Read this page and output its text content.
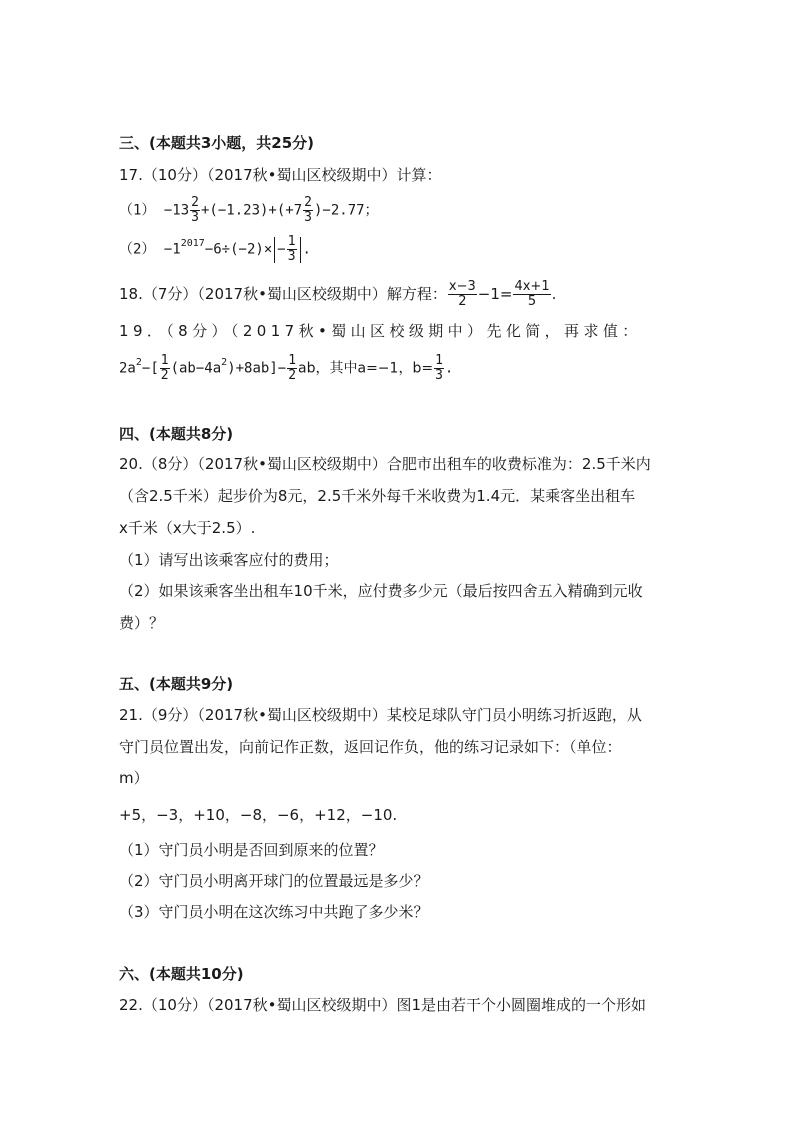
三、(本题共3小题，共25分)
17.（10分）（2017秋•蜀山区校级期中）计算：
$(1) -13 \frac{2}{3} +(-1.23)+(+7 \frac{2}{3} )-2.77$；
$(2) -1^{2017}-6\div(-2)\times - \frac{1}{3}$ .
18.（7分）（2017秋•蜀山区校级期中）解方程： $\frac{x-3}{2} -1= \frac{4x+1}{5}$ .
19．（8分）（2017秋•蜀山区校级期中）先化简，再求值：
$2a^2-[ \frac{1}{2} (ab-4a^2)+8ab]- \frac{1}{2}$ ab，其中a=−1，$b= \frac{1}{3}$ .
四、(本题共8分)
20.（8分）（2017秋•蜀山区校级期中）合肥市出租车的收费标准为：2.5千米内
（含2.5千米）起步价为8元，2.5千米外每千米收费为1.4元．某乘客坐出租车
x千米（x大于2.5）.
（1）请写出该乘客应付的费用；
（2）如果该乘客坐出租车10千米，应付费多少元（最后按四舍五入精确到元收
费）？
五、(本题共9分)
21.（9分）（2017秋•蜀山区校级期中）某校足球队守门员小明练习折返跑，从
守门员位置出发，向前记作正数，返回记作负，他的练习记录如下：（单位：
m）
+5，−3，+10，−8，−6，+12，−10.
（1）守门员小明是否回到原来的位置？
（2）守门员小明离开球门的位置最远是多少？
（3）守门员小明在这次练习中共跑了多少米？
六、(本题共10分)
22.（10分）（2017秋•蜀山区校级期中）图1是由若干个小圆圈堆成的一个形如
